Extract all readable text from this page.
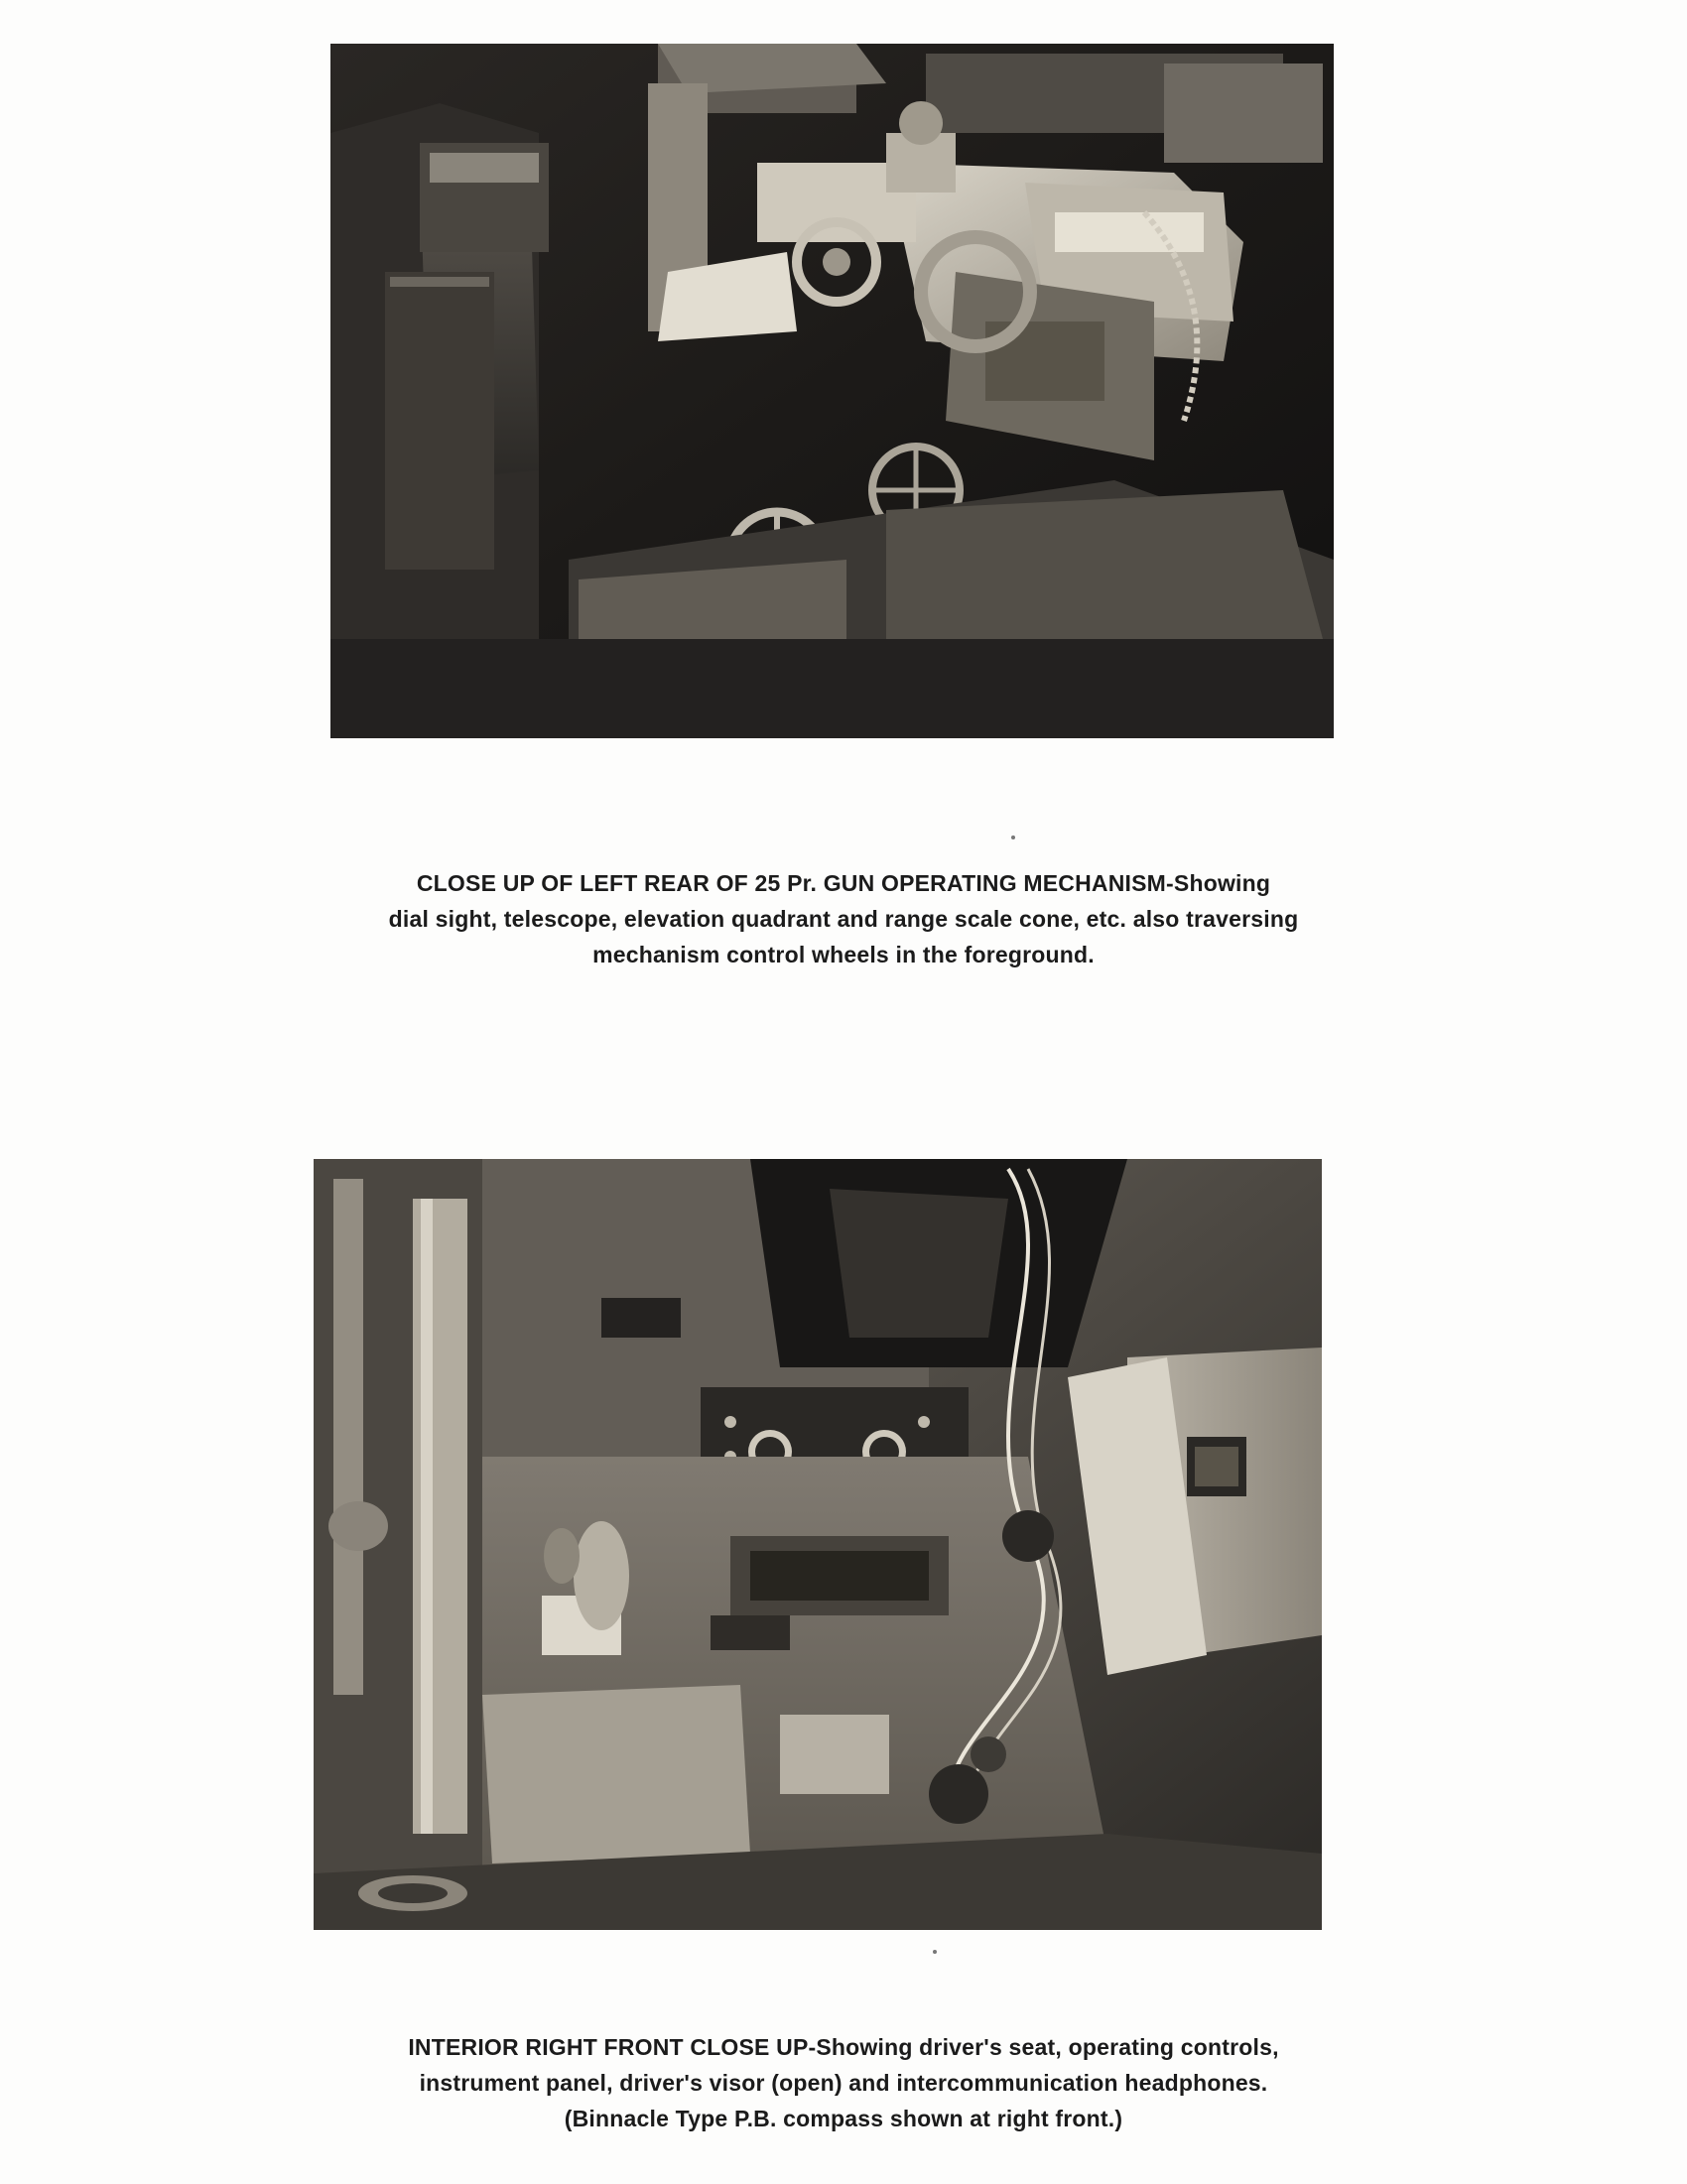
CLOSE UP OF LEFT REAR OF 25 Pr. GUN OPERATING MECHANISM-Showing
dial sight, telescope, elevation quadrant and range scale cone, etc. also traversing
mechanism control wheels in the foreground.
INTERIOR RIGHT FRONT CLOSE UP-Showing driver's seat, operating controls,
instrument panel, driver's visor (open) and intercommunication headphones.
(Binnacle Type P.B. compass shown at right front.)
